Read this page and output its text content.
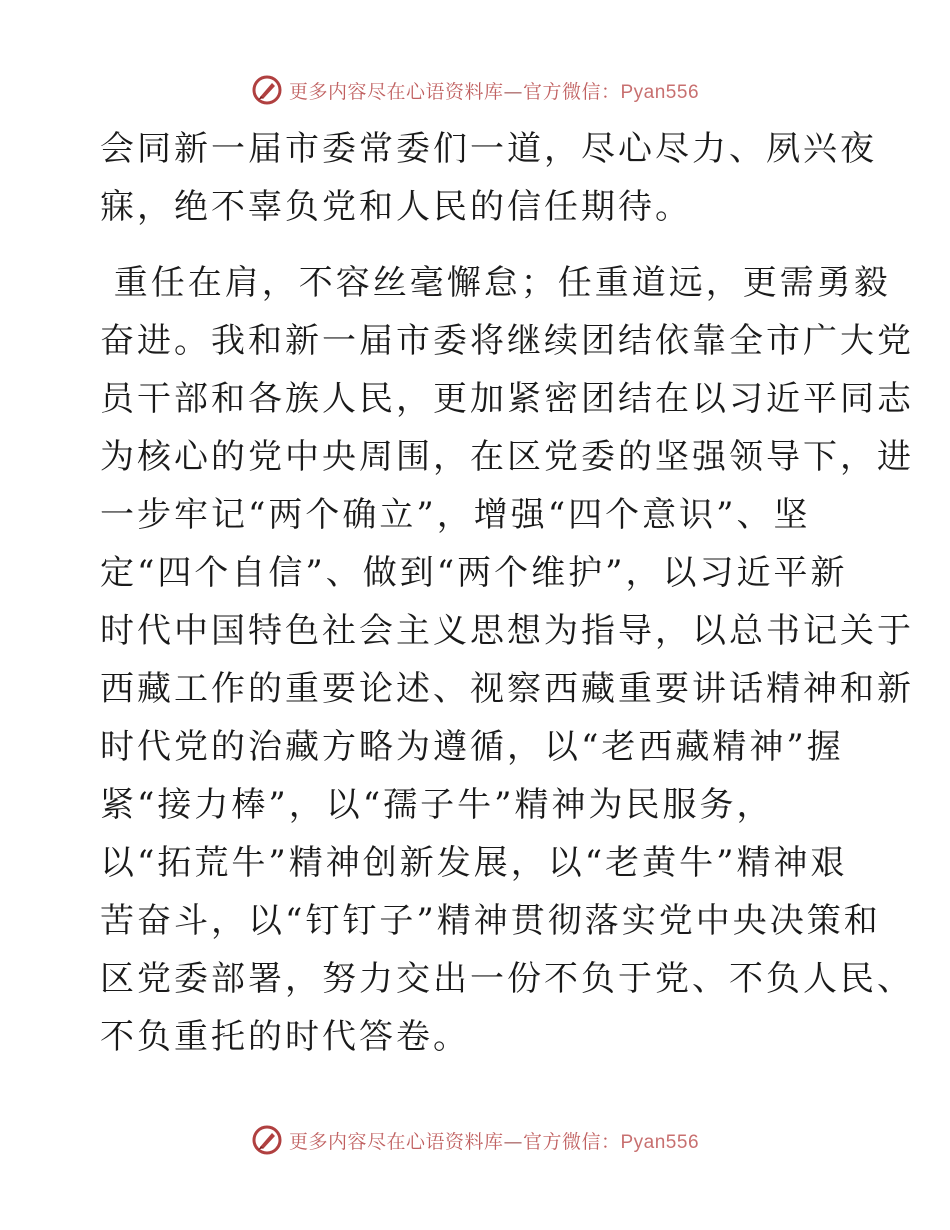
更多内容尽在心语资料库—官方微信：Pyan556
会同新一届市委常委们一道，尽心尽力、夙兴夜
寐，绝不辜负党和人民的信任期待。
重任在肩，不容丝毫懈怠；任重道远，更需勇毅
奋进。我和新一届市委将继续团结依靠全市广大党
员干部和各族人民，更加紧密团结在以习近平同志
为核心的党中央周围，在区党委的坚强领导下，进
一步牢记“两个确立”，增强“四个意识”、坚
定“四个自信”、做到“两个维护”，以习近平新
时代中国特色社会主义思想为指导，以总书记关于
西藏工作的重要论述、视察西藏重要讲话精神和新
时代党的治藏方略为遵循，以“老西藏精神”握
紧“接力棒”，以“孺子牛”精神为民服务，
以“拓荒牛”精神创新发展，以“老黄牛”精神艰
苦奋斗，以“钉钉子”精神贯彻落实党中央决策和
区党委部署，努力交出一份不负于党、不负人民、
不负重托的时代答卷。
更多内容尽在心语资料库—官方微信：Pyan556
